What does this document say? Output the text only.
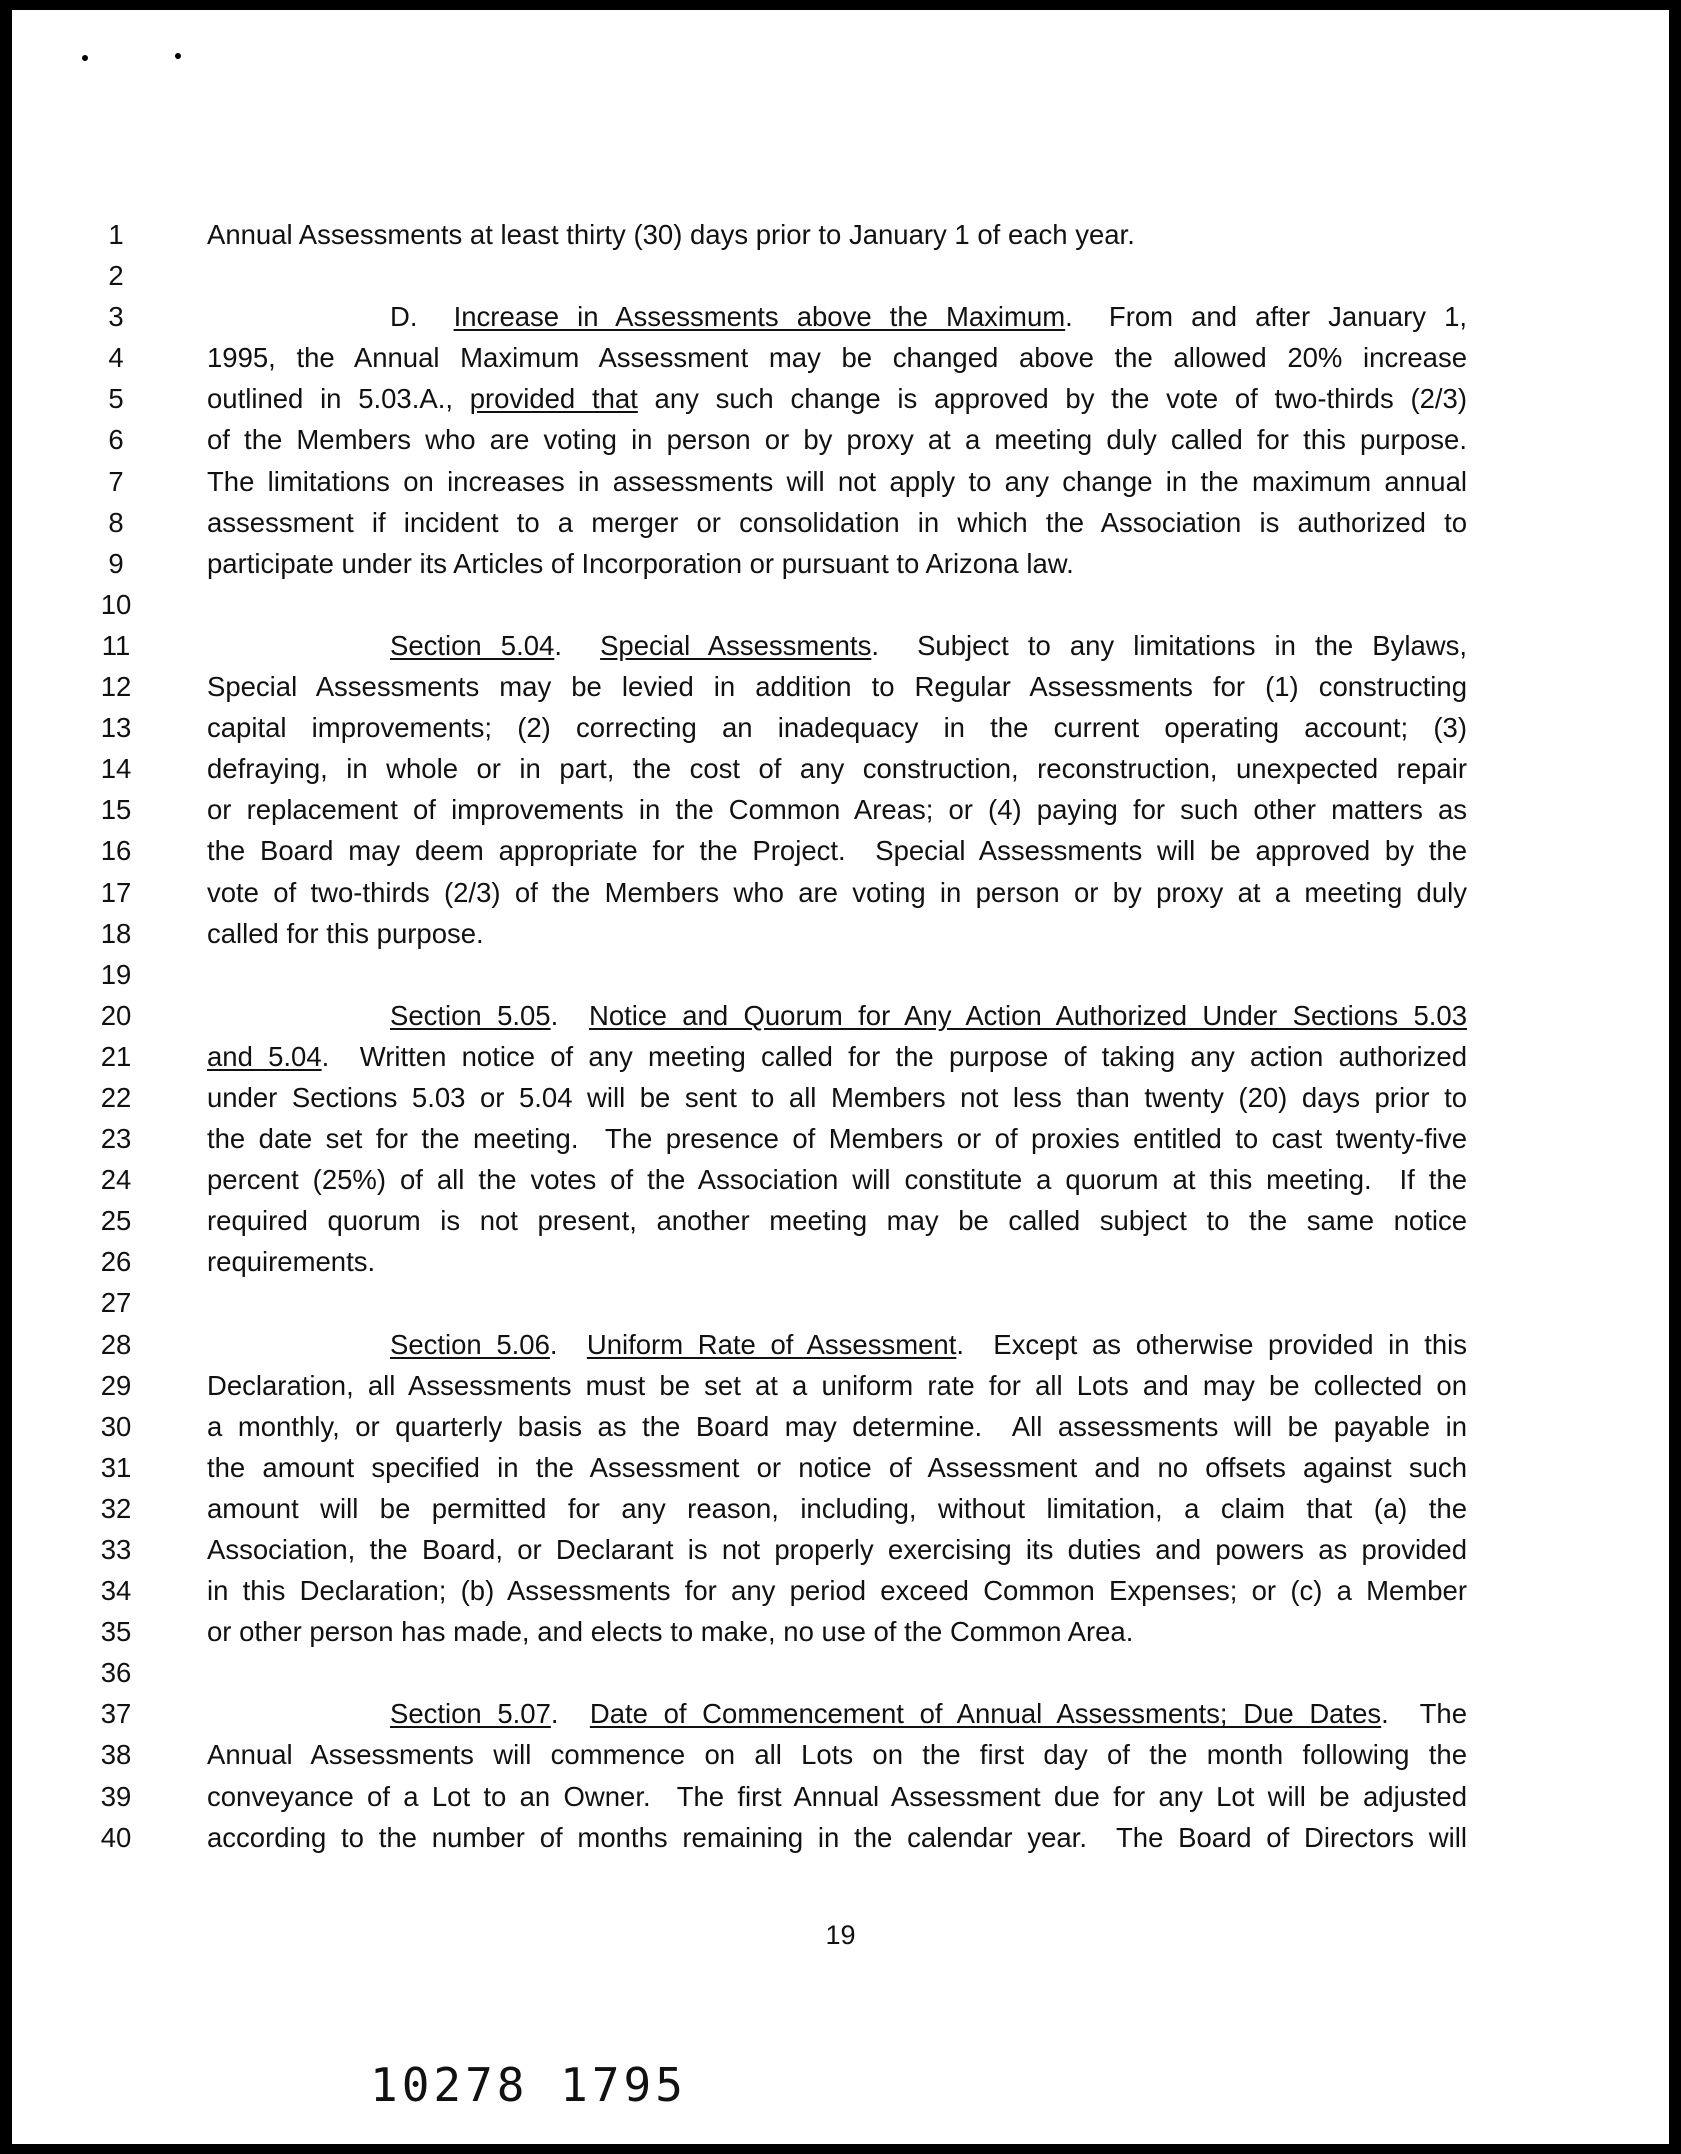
1	Annual Assessments at least thirty (30) days prior to January 1 of each year.
2
3	D.  Increase in Assessments above the Maximum.  From and after January 1,
4	1995, the Annual Maximum Assessment may be changed above the allowed 20% increase
5	outlined in 5.03.A., provided that any such change is approved by the vote of two-thirds (2/3)
6	of the Members who are voting in person or by proxy at a meeting duly called for this purpose.
7	The limitations on increases in assessments will not apply to any change in the maximum annual
8	assessment if incident to a merger or consolidation in which the Association is authorized to
9	participate under its Articles of Incorporation or pursuant to Arizona law.
10
11	Section 5.04.  Special Assessments.  Subject to any limitations in the Bylaws,
12	Special Assessments may be levied in addition to Regular Assessments for (1) constructing
13	capital improvements; (2) correcting an inadequacy in the current operating account; (3)
14	defraying, in whole or in part, the cost of any construction, reconstruction, unexpected repair
15	or replacement of improvements in the Common Areas; or (4) paying for such other matters as
16	the Board may deem appropriate for the Project.  Special Assessments will be approved by the
17	vote of two-thirds (2/3) of the Members who are voting in person or by proxy at a meeting duly
18	called for this purpose.
19
20	Section 5.05.  Notice and Quorum for Any Action Authorized Under Sections 5.03
21	and 5.04.  Written notice of any meeting called for the purpose of taking any action authorized
22	under Sections 5.03 or 5.04 will be sent to all Members not less than twenty (20) days prior to
23	the date set for the meeting.  The presence of Members or of proxies entitled to cast twenty-five
24	percent (25%) of all the votes of the Association will constitute a quorum at this meeting.  If the
25	required quorum is not present, another meeting may be called subject to the same notice
26	requirements.
27
28	Section 5.06.  Uniform Rate of Assessment.  Except as otherwise provided in this
29	Declaration, all Assessments must be set at a uniform rate for all Lots and may be collected on
30	a monthly, or quarterly basis as the Board may determine.  All assessments will be payable in
31	the amount specified in the Assessment or notice of Assessment and no offsets against such
32	amount will be permitted for any reason, including, without limitation, a claim that (a) the
33	Association, the Board, or Declarant is not properly exercising its duties and powers as provided
34	in this Declaration; (b) Assessments for any period exceed Common Expenses; or (c) a Member
35	or other person has made, and elects to make, no use of the Common Area.
36
37	Section 5.07.  Date of Commencement of Annual Assessments; Due Dates.  The
38	Annual Assessments will commence on all Lots on the first day of the month following the
39	conveyance of a Lot to an Owner.  The first Annual Assessment due for any Lot will be adjusted
40	according to the number of months remaining in the calendar year.  The Board of Directors will
19
10278 1795
